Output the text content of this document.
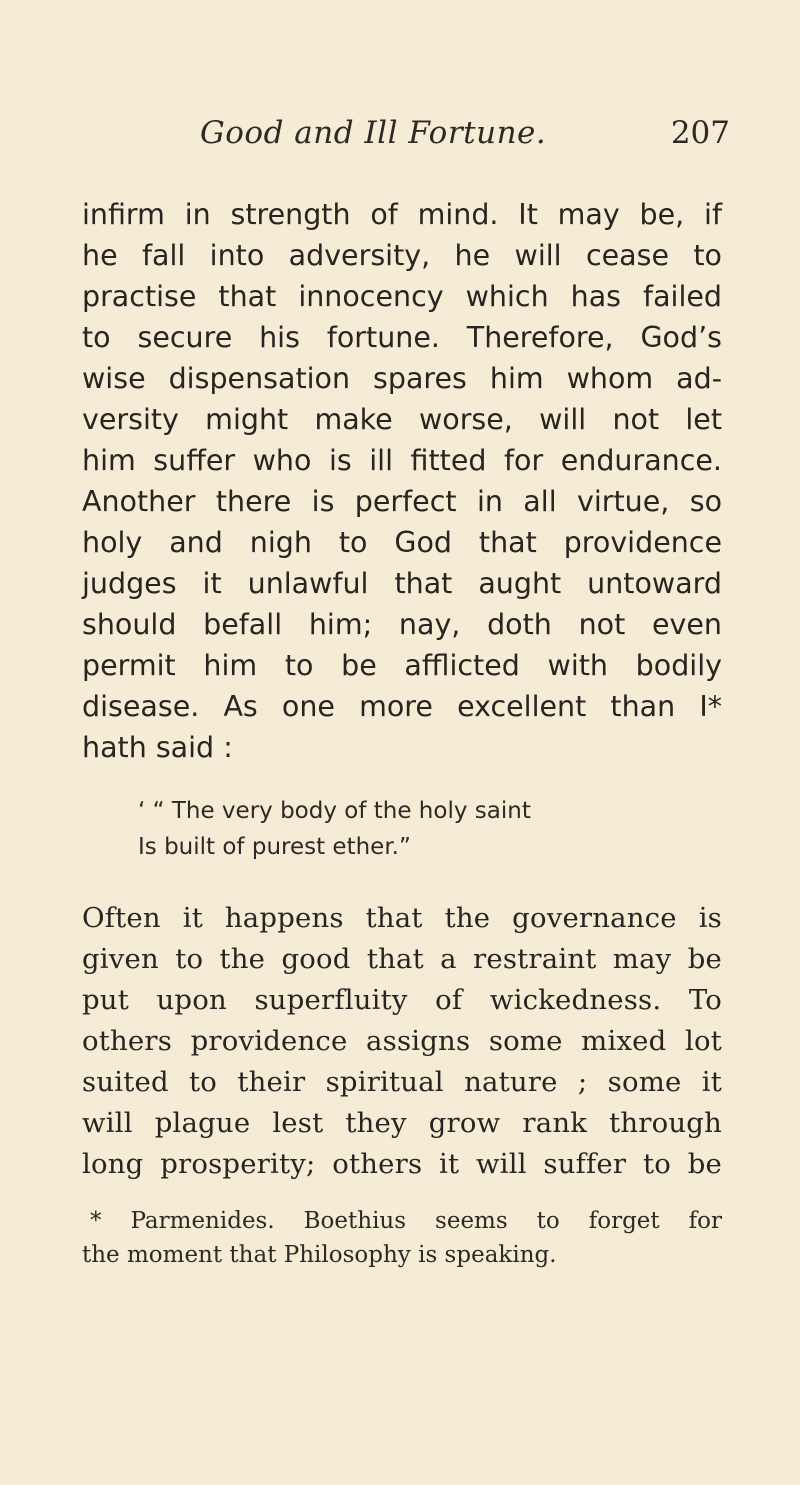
Good and Ill Fortune.	207
infirm in strength of mind. It may be, if
he fall into adversity, he will cease to
practise that innocency which has failed
to secure his fortune. Therefore, God’s
wise dispensation spares him whom ad-
versity might make worse, will not let
him suffer who is ill fitted for endurance.
Another there is perfect in all virtue, so
holy and nigh to God that providence
judges it unlawful that aught untoward
should befall him; nay, doth not even
permit him to be afflicted with bodily
disease. As one more excellent than I*
hath said :
‘ “ The very body of the holy saint
Is built of purest ether.”
Often it happens that the governance is
given to the good that a restraint may be
put upon superfluity of wickedness. To
others providence assigns some mixed lot
suited to their spiritual nature ; some it
will plague lest they grow rank through
long prosperity; others it will suffer to be
* Parmenides. Boethius seems to forget for
the moment that Philosophy is speaking.
